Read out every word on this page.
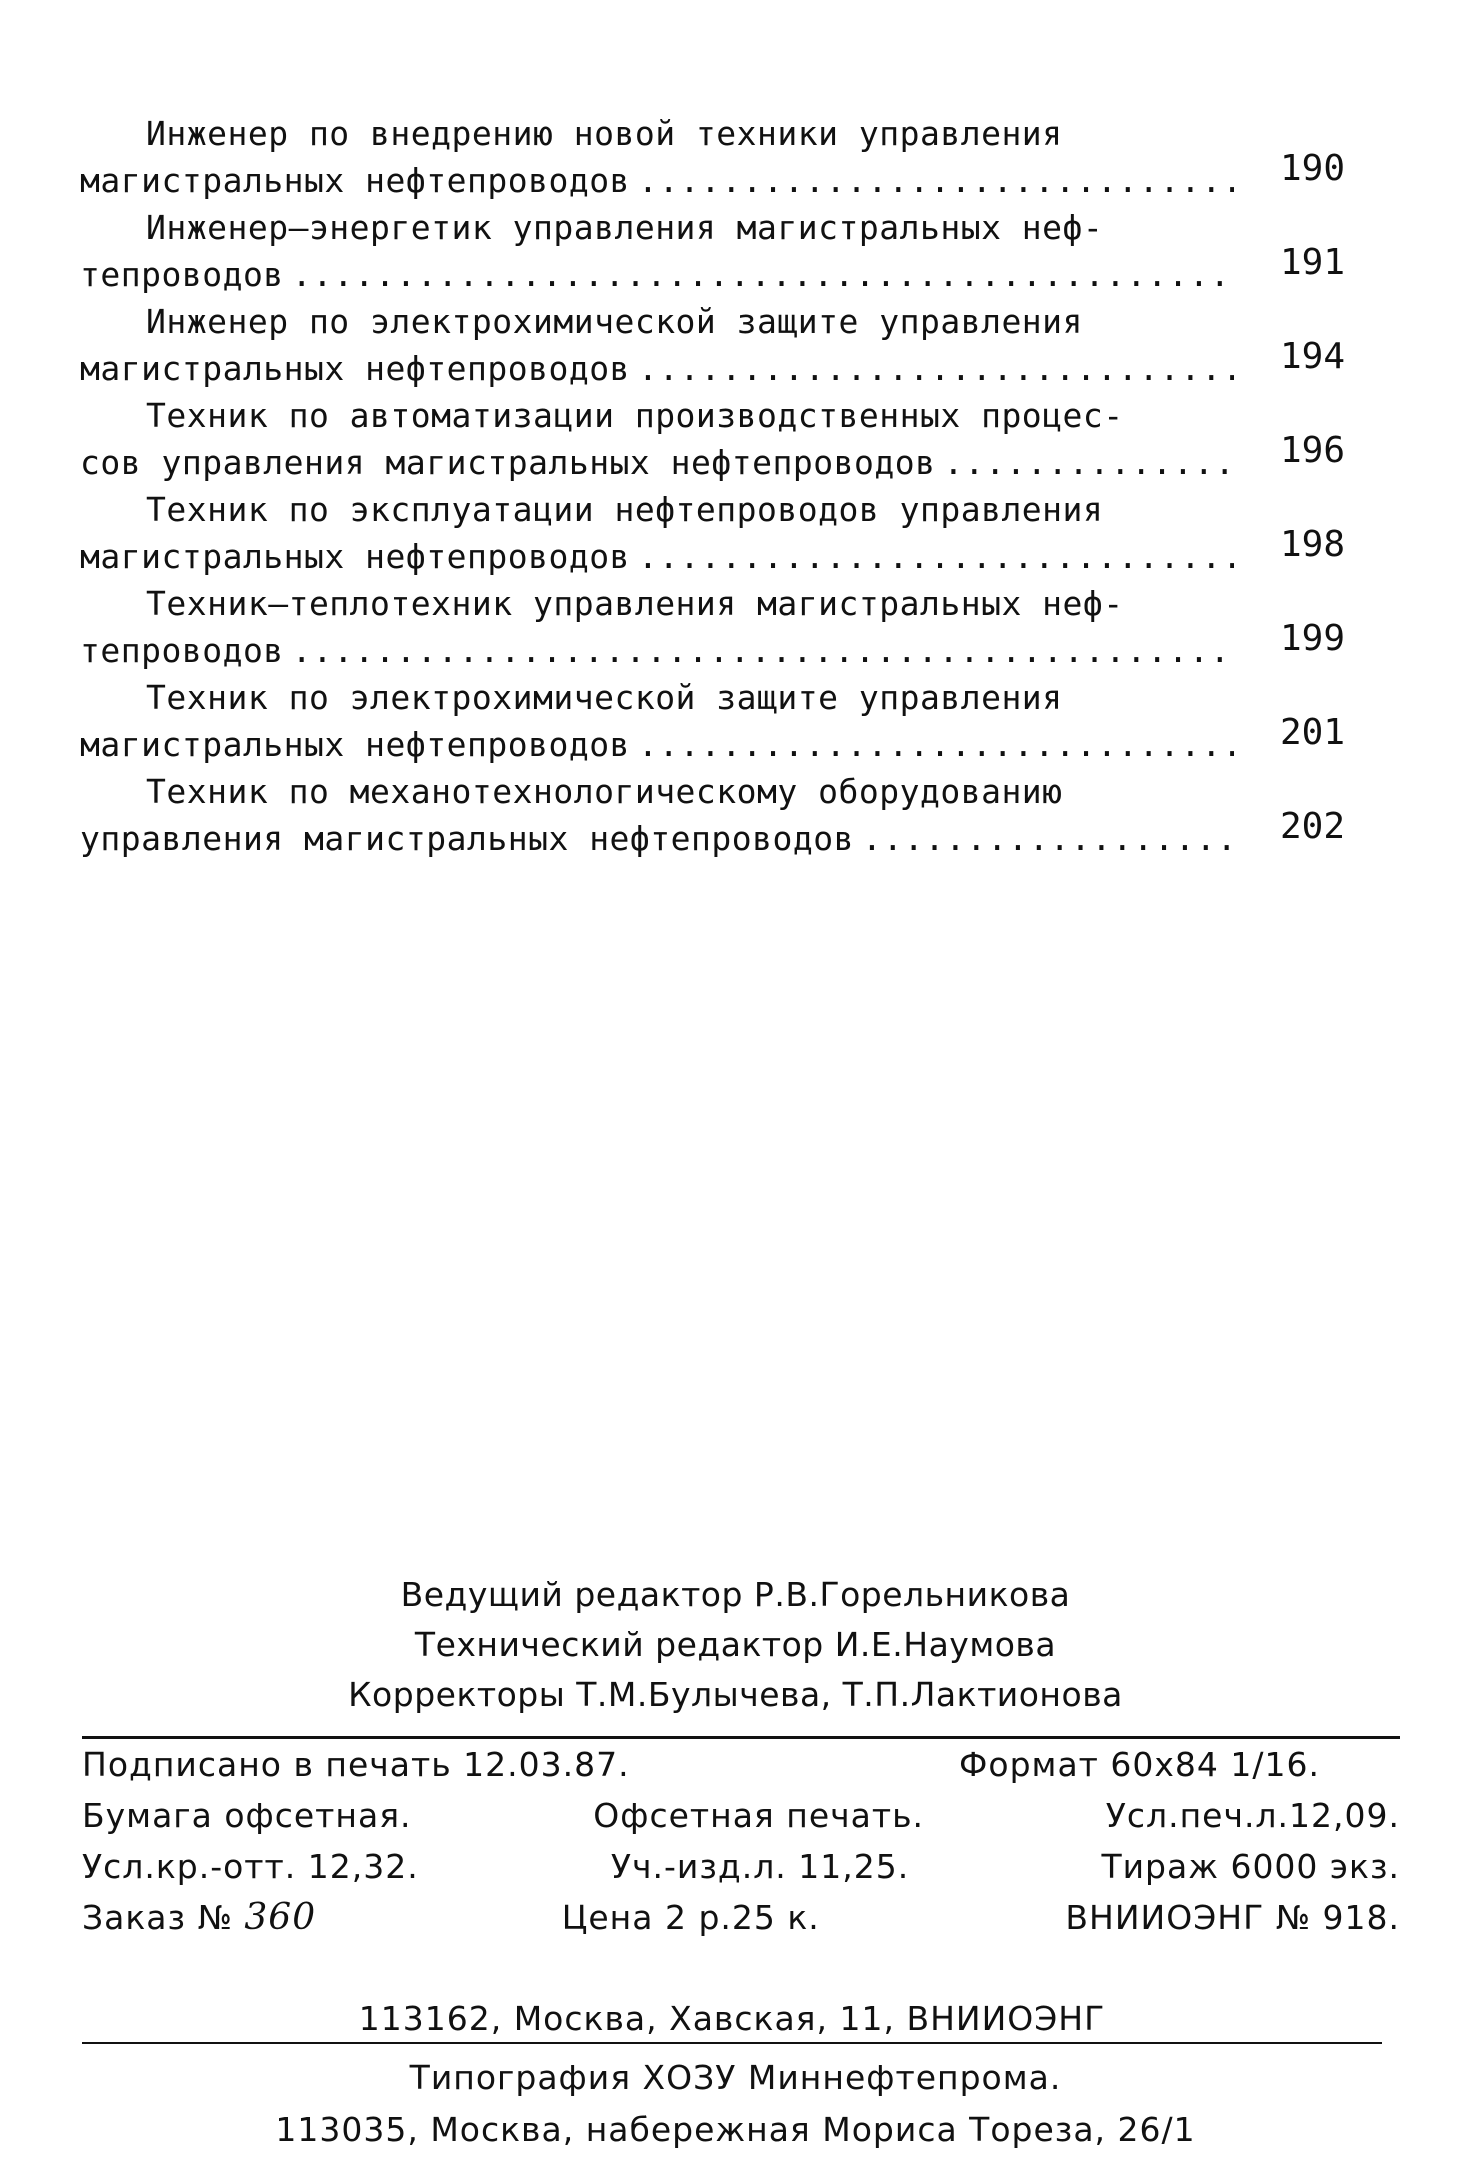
Инженер по внедрению новой техники управления
магистральных нефтепроводов .....	190
Инженер–энергетик управления магистральных неф-
тепроводов .....	191
Инженер по электрохимической защите управления
магистральных нефтепроводов .....	194
Техник по автоматизации производственных процес-
сов управления магистральных нефтепроводов .....	196
Техник по эксплуатации нефтепроводов управления
магистральных нефтепроводов .....	198
Техник–теплотехник управления магистральных неф-
тепроводов .....	199
Техник по электрохимической защите управления
магистральных нефтепроводов .....	201
Техник по механотехнологическому оборудованию
управления магистральных нефтепроводов .....	202
Ведущий редактор Р.В.Горельникова
Технический редактор И.Е.Наумова
Корректоры Т.М.Булычева, Т.П.Лактионова
Подписано в печать 12.03.87.	Формат 60x84 1/16.
Бумага офсетная.	Офсетная печать.	Усл.печ.л.12,09.
Усл.кр.-отт. 12,32.	Уч.-изд.л. 11,25.	Тираж 6000 экз.
Заказ № 360	Цена 2 р.25 к.	ВНИИОЭНГ № 918.
113162, Москва, Хавская, 11, ВНИИОЭНГ
Типография ХОЗУ Миннефтепрома.
113035, Москва, набережная Мориса Тореза, 26/1
